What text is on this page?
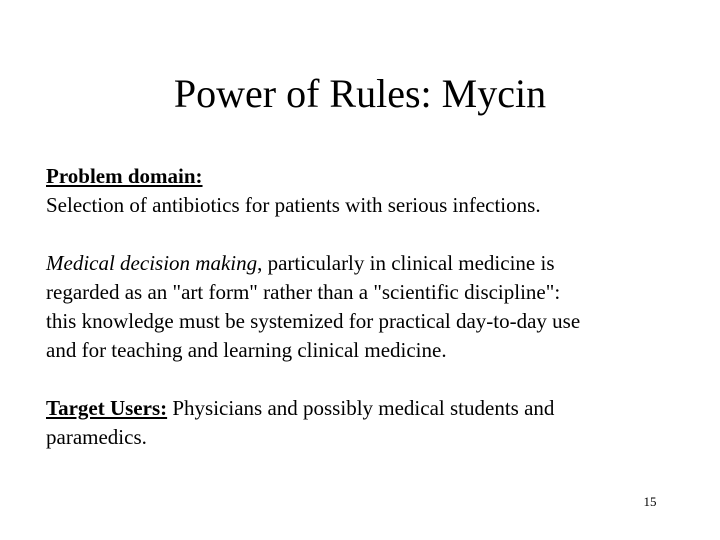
Power of Rules: Mycin

Problem domain:
Selection of antibiotics for patients with serious infections.

Medical decision making, particularly in clinical medicine is
regarded as an "art form" rather than a "scientific discipline":
this knowledge must be systemized for practical day-to-day use
and for teaching and learning clinical medicine.

Target Users: Physicians and possibly medical students and
paramedics.

15
